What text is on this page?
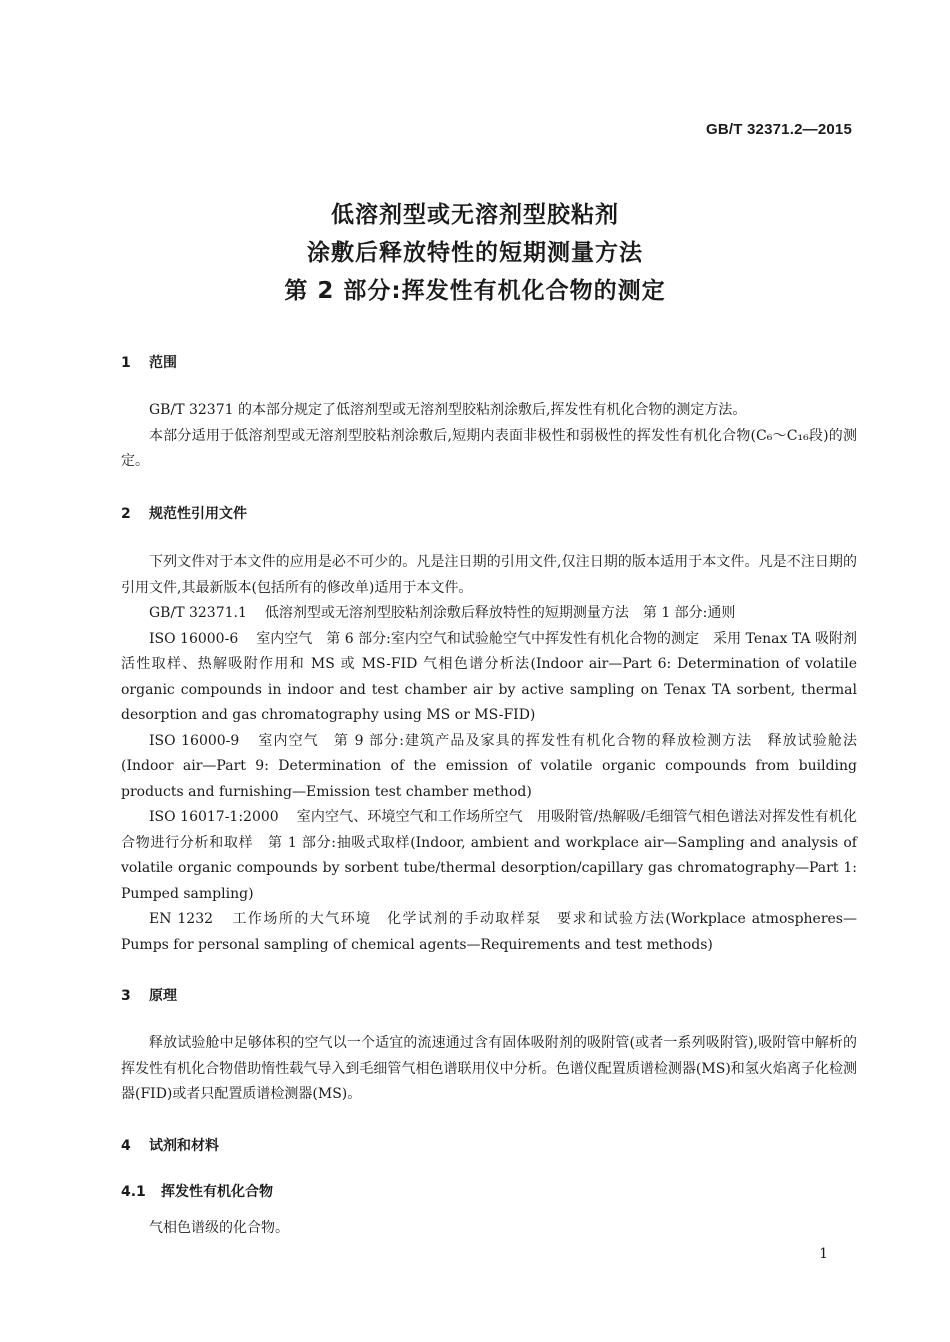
GB/T 32371.2—2015
低溶剂型或无溶剂型胶粘剂
涂敷后释放特性的短期测量方法
第 2 部分:挥发性有机化合物的测定
1 范围

GB/T 32371 的本部分规定了低溶剂型或无溶剂型胶粘剂涂敷后,挥发性有机化合物的测定方法。

本部分适用于低溶剂型或无溶剂型胶粘剂涂敷后,短期内表面非极性和弱极性的挥发性有机化合物(C₆～C₁₆段)的测定。

2 规范性引用文件

下列文件对于本文件的应用是必不可少的。凡是注日期的引用文件,仅注日期的版本适用于本文件。凡是不注日期的引用文件,其最新版本(包括所有的修改单)适用于本文件。

GB/T 32371.1 低溶剂型或无溶剂型胶粘剂涂敷后释放特性的短期测量方法　第 1 部分:通则

ISO 16000-6 室内空气　第 6 部分:室内空气和试验舱空气中挥发性有机化合物的测定　采用 Tenax TA 吸附剂活性取样、热解吸附作用和 MS 或 MS-FID 气相色谱分析法(Indoor air—Part 6: Determination of volatile organic compounds in indoor and test chamber air by active sampling on Tenax TA sorbent, thermal desorption and gas chromatography using MS or MS-FID)

ISO 16000-9 室内空气　第 9 部分:建筑产品及家具的挥发性有机化合物的释放检测方法　释放试验舱法(Indoor air—Part 9: Determination of the emission of volatile organic compounds from building products and furnishing—Emission test chamber method)

ISO 16017-1:2000 室内空气、环境空气和工作场所空气　用吸附管/热解吸/毛细管气相色谱法对挥发性有机化合物进行分析和取样　第 1 部分:抽吸式取样(Indoor, ambient and workplace air—Sampling and analysis of volatile organic compounds by sorbent tube/thermal desorption/capillary gas chromatography—Part 1: Pumped sampling)

EN 1232 工作场所的大气环境　化学试剂的手动取样泵　要求和试验方法(Workplace atmospheres—Pumps for personal sampling of chemical agents—Requirements and test methods)

3 原理

释放试验舱中足够体积的空气以一个适宜的流速通过含有固体吸附剂的吸附管(或者一系列吸附管),吸附管中解析的挥发性有机化合物借助惰性载气导入到毛细管气相色谱联用仪中分析。色谱仪配置质谱检测器(MS)和氢火焰离子化检测器(FID)或者只配置质谱检测器(MS)。

4 试剂和材料
4.1 挥发性有机化合物

气相色谱级的化合物。

1
